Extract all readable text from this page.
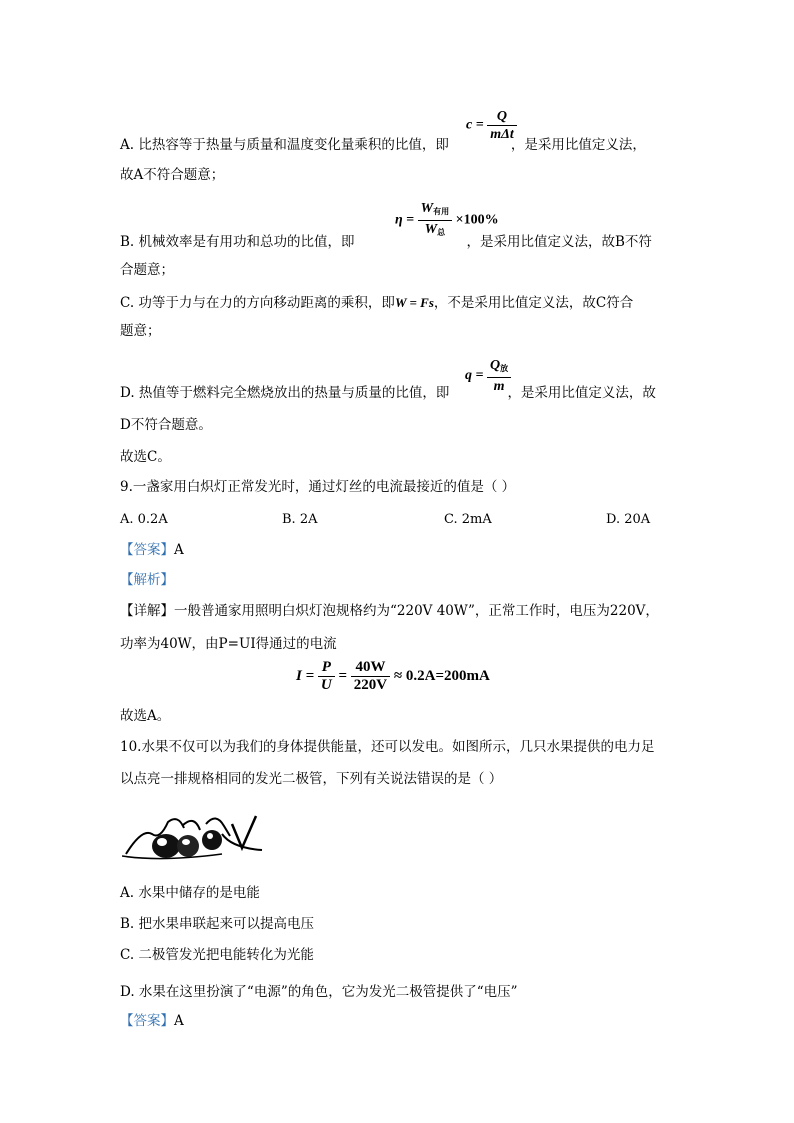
$c = \frac{Q}{\text{mΔt}}$
A. 比热容等于热量与质量和温度变化量乘积的比值，即	，是采用比值定义法，
故A不符合题意；
$\eta = \frac{W_{有用}}{W_总} \times 100\%$
B. 机械效率是有用功和总功的比值，即	，是采用比值定义法，故B不符
合题意；
C. 功等于力与在力的方向移动距离的乘积，即W = Fs，不是采用比值定义法，故C符合
题意；
$q = \frac{Q_放}{m}$
D. 热值等于燃料完全燃烧放出的热量与质量的比值，即	，是采用比值定义法，故
D不符合题意。
故选C。
9.一盏家用白炽灯正常发光时，通过灯丝的电流最接近的值是（ ）
A. 0.2A	B. 2A	C. 2mA	D. 20A
【答案】A
【解析】
【详解】一般普通家用照明白炽灯泡规格约为“220V 40W”，正常工作时，电压为220V，
功率为40W，由P=UI得通过的电流
$I = \frac{P}{U} = \frac{40W}{220V} \approx 0.2A=200mA$
故选A。
10.水果不仅可以为我们的身体提供能量，还可以发电。如图所示，几只水果提供的电力足
以点亮一排规格相同的发光二极管，下列有关说法错误的是（ ）
A. 水果中储存的是电能
B. 把水果串联起来可以提高电压
C. 二极管发光把电能转化为光能
D. 水果在这里扮演了“电源”的角色，它为发光二极管提供了“电压”
【答案】A
